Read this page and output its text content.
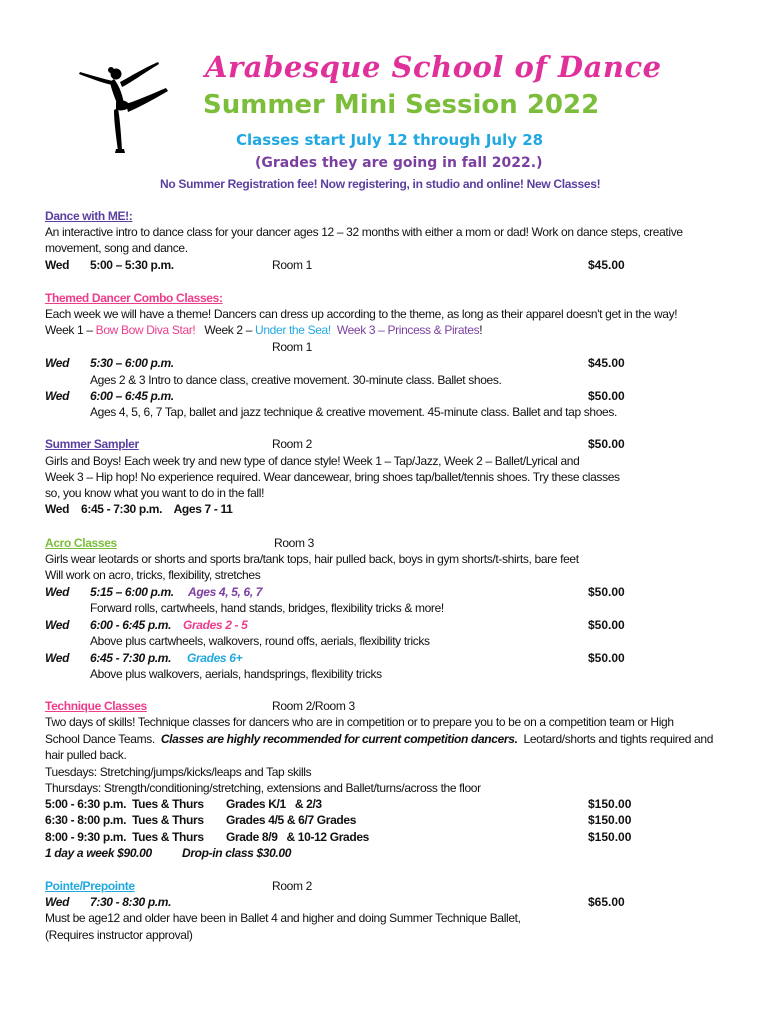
Arabesque School of Dance
Summer Mini Session 2022
Classes start July 12 through July 28
(Grades they are going in fall 2022.)
No Summer Registration fee! Now registering, in studio and online! New Classes!
Dance with ME!:
An interactive intro to dance class for your dancer ages 12 – 32 months with either a mom or dad! Work on dance steps, creative
movement, song and dance.
Wed 5:00 – 5:30 p.m.	Room 1	$45.00
Themed Dancer Combo Classes:
Each week we will have a theme! Dancers can dress up according to the theme, as long as their apparel doesn't get in the way!
Week 1 – Bow Bow Diva Star!   Week 2 – Under the Sea!  Week 3 – Princess & Pirates!
Room 1
Wed 5:30 – 6:00 p.m.	$45.00
Ages 2 & 3 Intro to dance class, creative movement. 30-minute class. Ballet shoes.
Wed 6:00 – 6:45 p.m.	$50.00
Ages 4, 5, 6, 7 Tap, ballet and jazz technique & creative movement. 45-minute class. Ballet and tap shoes.
Summer Sampler	Room 2	$50.00
Girls and Boys! Each week try and new type of dance style! Week 1 – Tap/Jazz, Week 2 – Ballet/Lyrical and
Week 3 – Hip hop! No experience required. Wear dancewear, bring shoes tap/ballet/tennis shoes. Try these classes
so, you know what you want to do in the fall!
Wed    6:45 - 7:30 p.m.    Ages 7 - 11
Acro Classes	Room 3
Girls wear leotards or shorts and sports bra/tank tops, hair pulled back, boys in gym shorts/t-shirts, bare feet
Will work on acro, tricks, flexibility, stretches
Wed 5:15 – 6:00 p.m. Ages 4, 5, 6, 7	$50.00
Forward rolls, cartwheels, hand stands, bridges, flexibility tricks & more!
Wed 6:00 - 6:45 p.m. Grades 2 - 5	$50.00
Above plus cartwheels, walkovers, round offs, aerials, flexibility tricks
Wed 6:45 - 7:30 p.m. Grades 6+	$50.00
Above plus walkovers, aerials, handsprings, flexibility tricks
Technique Classes	Room 2/Room 3
Two days of skills! Technique classes for dancers who are in competition or to prepare you to be on a competition team or High
School Dance Teams.  Classes are highly recommended for current competition dancers.  Leotard/shorts and tights required and
hair pulled back.
Tuesdays: Stretching/jumps/kicks/leaps and Tap skills
Thursdays: Strength/conditioning/stretching, extensions and Ballet/turns/across the floor
5:00 - 6:30 p.m.  Tues & Thurs Grades K/1   & 2/3	$150.00
6:30 - 8:00 p.m.  Tues & Thurs Grades 4/5 & 6/7 Grades	$150.00
8:00 - 9:30 p.m.  Tues & Thurs Grade 8/9   & 10-12 Grades	$150.00
1 day a week $90.00	Drop-in class $30.00
Pointe/Prepointe	Room 2
Wed 7:30 - 8:30 p.m.	$65.00
Must be age12 and older have been in Ballet 4 and higher and doing Summer Technique Ballet,
(Requires instructor approval)
